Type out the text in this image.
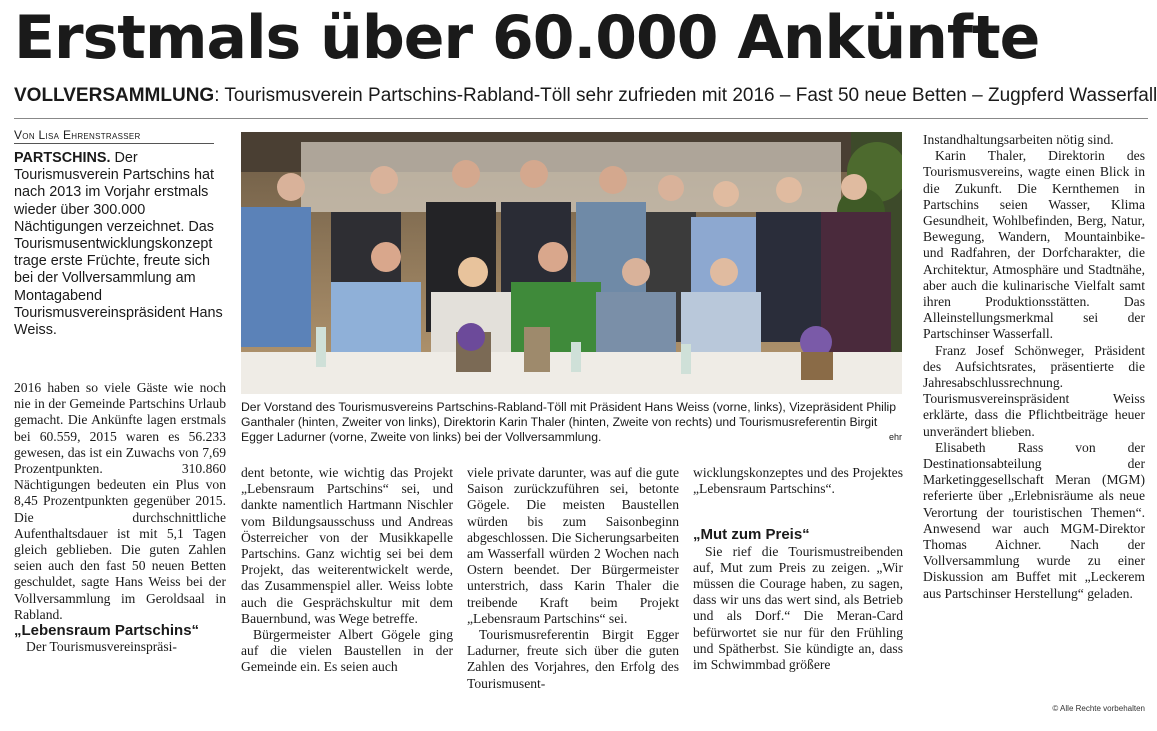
Erstmals über 60.000 Ankünfte
VOLLVERSAMMLUNG: Tourismusverein Partschins-Rabland-Töll sehr zufrieden mit 2016 – Fast 50 neue Betten – Zugpferd Wasserfall
Von Lisa Ehrenstrasser
PARTSCHINS. Der Tourismusverein Partschins hat nach 2013 im Vorjahr erstmals wieder über 300.000 Nächtigungen verzeichnet. Das Tourismusentwicklungskonzept trage erste Früchte, freute sich bei der Vollversammlung am Montagabend Tourismusvereinspräsident Hans Weiss.

2016 haben so viele Gäste wie noch nie in der Gemeinde Partschins Urlaub gemacht. Die Ankünfte lagen erstmals bei 60.559, 2015 waren es 56.233 gewesen, das ist ein Zuwachs von 7,69 Prozentpunkten. 310.860 Nächtigungen bedeuten ein Plus von 8,45 Prozentpunkten gegenüber 2015. Die durchschnittliche Aufenthaltsdauer ist mit 5,1 Tagen gleich geblieben. Die guten Zahlen seien auch den fast 50 neuen Betten geschuldet, sagte Hans Weiss bei der Vollversammlung im Geroldsaal in Rabland.

„Lebensraum Partschins“

Der Tourismusvereinspräsi-

Der Vorstand des Tourismusvereins Partschins-Rabland-Töll mit Präsident Hans Weiss (vorne, links), Vizepräsident Philip Ganthaler (hinten, Zweiter von links), Direktorin Karin Thaler (hinten, Zweite von rechts) und Tourismusreferentin Birgit Egger Ladurner (vorne, Zweite von links) bei der Vollversammlung.	ehr

dent betonte, wie wichtig das Projekt „Lebensraum Partschins“ sei, und dankte namentlich Hartmann Nischler vom Bildungsausschuss und Andreas Österreicher von der Musikkapelle Partschins. Ganz wichtig sei bei dem Projekt, das weiterentwickelt werde, das Zusammenspiel aller. Weiss lobte auch die Gesprächskultur mit dem Bauernbund, was Wege betreffe.

Bürgermeister Albert Gögele ging auf die vielen Baustellen in der Gemeinde ein. Es seien auch

viele private darunter, was auf die gute Saison zurückzuführen sei, betonte Gögele. Die meisten Baustellen würden bis zum Saisonbeginn abgeschlossen. Die Sicherungsarbeiten am Wasserfall würden 2 Wochen nach Ostern beendet. Der Bürgermeister unterstrich, dass Karin Thaler die treibende Kraft beim Projekt „Lebensraum Partschins“ sei.

Tourismusreferentin Birgit Egger Ladurner, freute sich über die guten Zahlen des Vorjahres, den Erfolg des Tourismusent-

wicklungskonzeptes und des Projektes „Lebensraum Partschins“.

„Mut zum Preis“

Sie rief die Tourismustreibenden auf, Mut zum Preis zu zeigen. „Wir müssen die Courage haben, zu sagen, dass wir uns das wert sind, als Betrieb und als Dorf.“ Die Meran-Card befürwortet sie nur für den Frühling und Spätherbst. Sie kündigte an, dass im Schwimmbad größere

Instandhaltungsarbeiten nötig sind.

Karin Thaler, Direktorin des Tourismusvereins, wagte einen Blick in die Zukunft. Die Kernthemen in Partschins seien Wasser, Klima Gesundheit, Wohlbefinden, Berg, Natur, Bewegung, Wandern, Mountainbike- und Radfahren, der Dorfcharakter, die Architektur, Atmosphäre und Stadtnähe, aber auch die kulinarische Vielfalt samt ihren Produktionsstätten. Das Alleinstellungsmerkmal sei der Partschinser Wasserfall.

Franz Josef Schönweger, Präsident des Aufsichtsrates, präsentierte die Jahresabschlussrechnung. Tourismusvereinspräsident Weiss erklärte, dass die Pflichtbeiträge heuer unverändert blieben.

Elisabeth Rass von der Destinationsabteilung der Marketinggesellschaft Meran (MGM) referierte über „Erlebnisräume als neue Verortung der touristischen Themen“. Anwesend war auch MGM-Direktor Thomas Aichner. Nach der Vollversammlung wurde zu einer Diskussion am Buffet mit „Leckerem aus Partschinser Herstellung“ geladen.

© Alle Rechte vorbehalten
